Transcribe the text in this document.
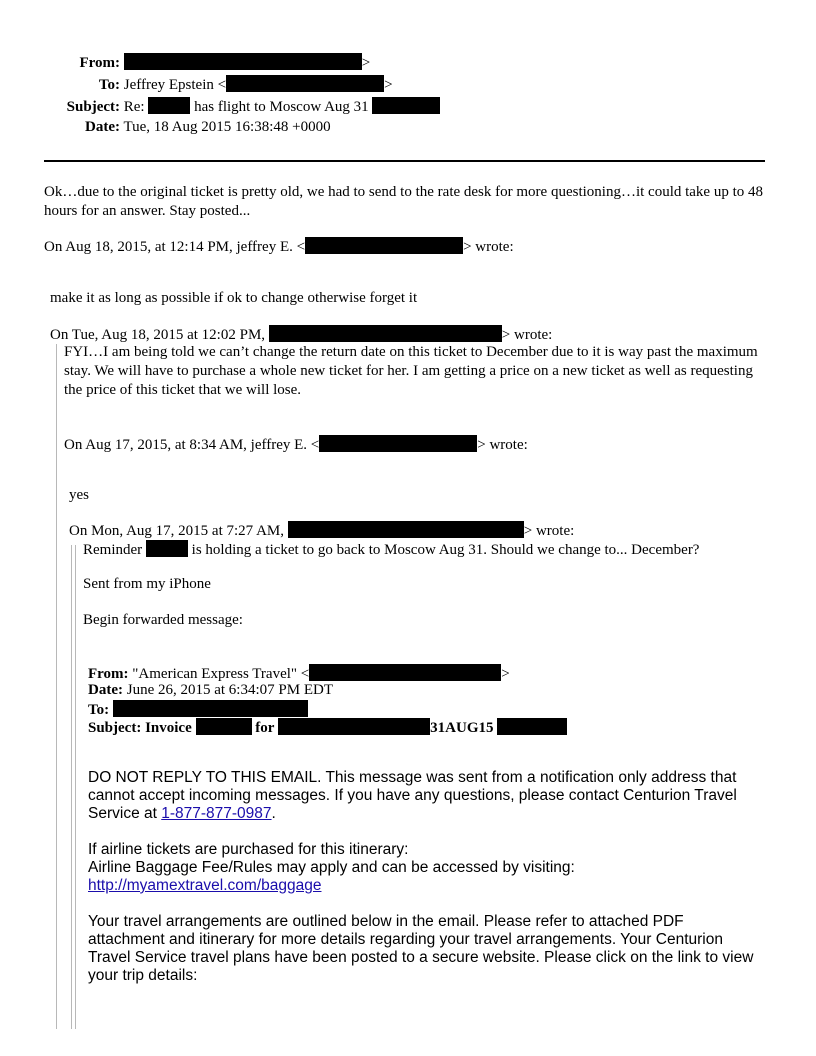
From:	>
To: Jeffrey Epstein <	>
Subject: Re:	has flight to Moscow Aug 31
Date: Tue, 18 Aug 2015 16:38:48 +0000
Ok…due to the original ticket is pretty old, we had to send to the rate desk for more questioning…it could take up to 48 hours for an answer. Stay posted...
On Aug 18, 2015, at 12:14 PM, jeffrey E. <	> wrote:
make it as long as possible if ok to change otherwise forget it
On Tue, Aug 18, 2015 at 12:02 PM,	> wrote:
FYI…I am being told we can’t change the return date on this ticket to December due to it is way past the maximum stay. We will have to purchase a whole new ticket for her. I am getting a price on a new ticket as well as requesting the price of this ticket that we will lose.
On Aug 17, 2015, at 8:34 AM, jeffrey E. <	> wrote:
yes
On Mon, Aug 17, 2015 at 7:27 AM,	> wrote:
Reminder	is holding a ticket to go back to Moscow Aug 31. Should we change to... December?
Sent from my iPhone
Begin forwarded message:
From: "American Express Travel" <	>
Date: June 26, 2015 at 6:34:07 PM EDT
To:
Subject: Invoice	for	31AUG15
DO NOT REPLY TO THIS EMAIL. This message was sent from a notification only address that cannot accept incoming messages. If you have any questions, please contact Centurion Travel Service at 1-877-877-0987.
If airline tickets are purchased for this itinerary:
Airline Baggage Fee/Rules may apply and can be accessed by visiting:
http://myamextravel.com/baggage
Your travel arrangements are outlined below in the email. Please refer to attached PDF attachment and itinerary for more details regarding your travel arrangements. Your Centurion Travel Service travel plans have been posted to a secure website. Please click on the link to view your trip details:
